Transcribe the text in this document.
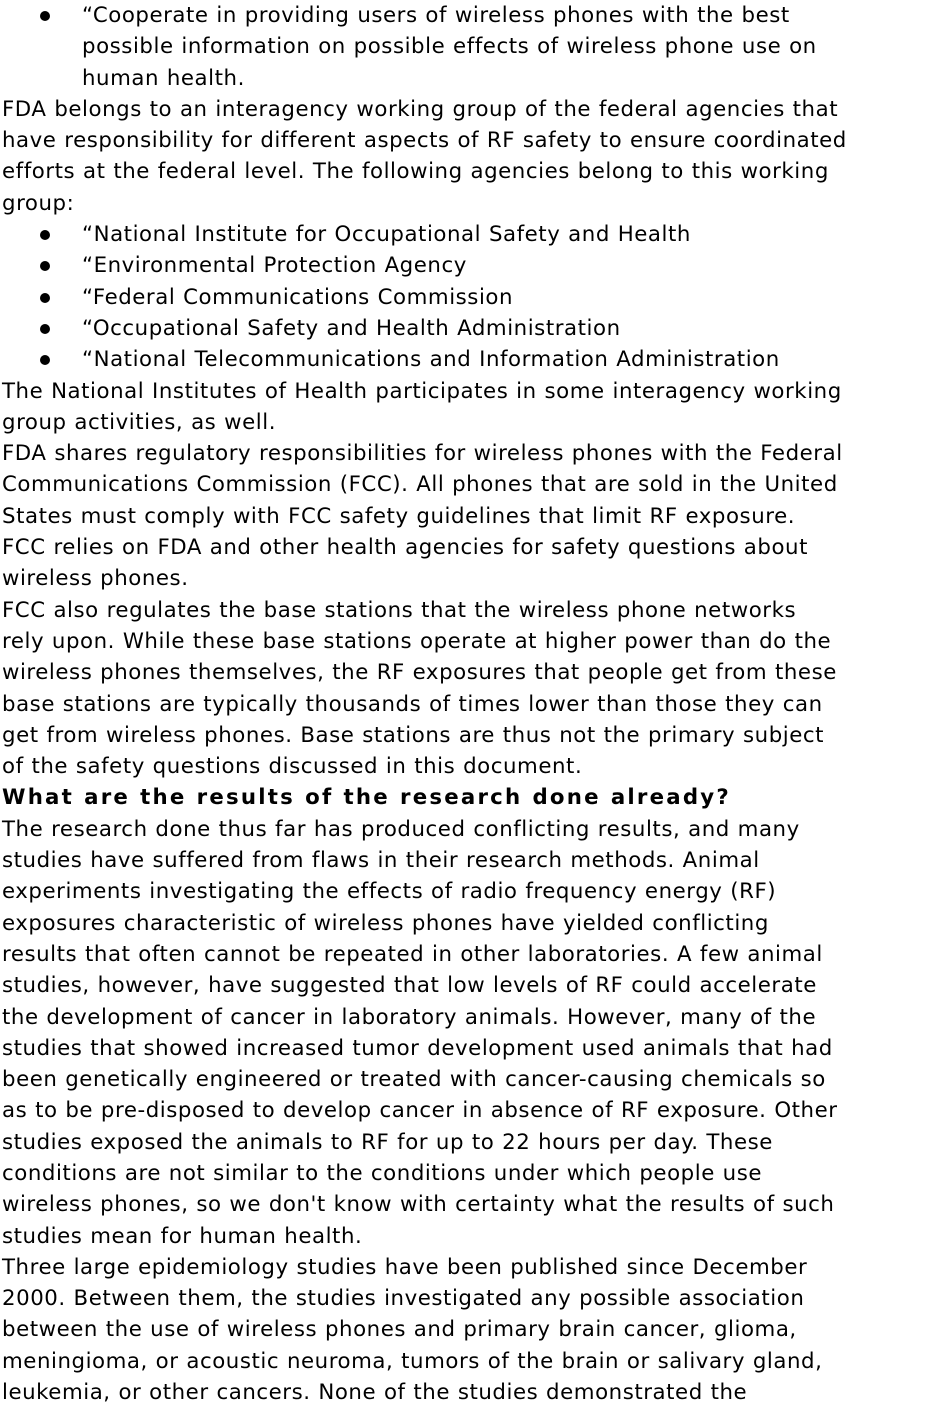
“Cooperate in providing users of wireless phones with the best
possible information on possible effects of wireless phone use on
human health.
FDA belongs to an interagency working group of the federal agencies that
have responsibility for different aspects of RF safety to ensure coordinated
efforts at the federal level. The following agencies belong to this working
group:
“National Institute for Occupational Safety and Health
“Environmental Protection Agency
“Federal Communications Commission
“Occupational Safety and Health Administration
“National Telecommunications and Information Administration
The National Institutes of Health participates in some interagency working
group activities, as well.
FDA shares regulatory responsibilities for wireless phones with the Federal
Communications Commission (FCC). All phones that are sold in the United
States must comply with FCC safety guidelines that limit RF exposure.
FCC relies on FDA and other health agencies for safety questions about
wireless phones.
FCC also regulates the base stations that the wireless phone networks
rely upon. While these base stations operate at higher power than do the
wireless phones themselves, the RF exposures that people get from these
base stations are typically thousands of times lower than those they can
get from wireless phones. Base stations are thus not the primary subject
of the safety questions discussed in this document.
What are the results of the research done already?
The research done thus far has produced conflicting results, and many
studies have suffered from flaws in their research methods. Animal
experiments investigating the effects of radio frequency energy (RF)
exposures characteristic of wireless phones have yielded conflicting
results that often cannot be repeated in other laboratories. A few animal
studies, however, have suggested that low levels of RF could accelerate
the development of cancer in laboratory animals. However, many of the
studies that showed increased tumor development used animals that had
been genetically engineered or treated with cancer-causing chemicals so
as to be pre-disposed to develop cancer in absence of RF exposure. Other
studies exposed the animals to RF for up to 22 hours per day. These
conditions are not similar to the conditions under which people use
wireless phones, so we don't know with certainty what the results of such
studies mean for human health.
Three large epidemiology studies have been published since December
2000. Between them, the studies investigated any possible association
between the use of wireless phones and primary brain cancer, glioma,
meningioma, or acoustic neuroma, tumors of the brain or salivary gland,
leukemia, or other cancers. None of the studies demonstrated the
